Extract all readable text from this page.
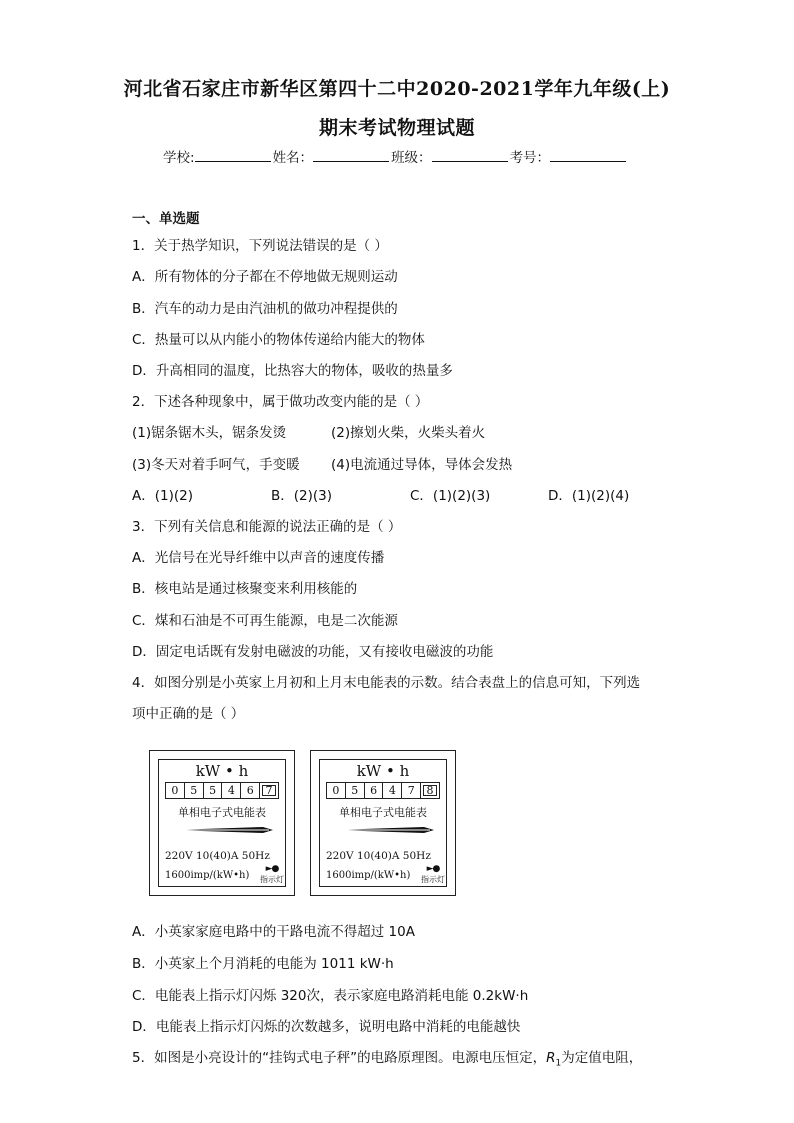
河北省石家庄市新华区第四十二中2020-2021学年九年级(上)
期末考试物理试题
学校:	姓名：	班级：	考号：
一、单选题
1．关于热学知识，下列说法错误的是（ ）
A．所有物体的分子都在不停地做无规则运动
B．汽车的动力是由汽油机的做功冲程提供的
C．热量可以从内能小的物体传递给内能大的物体
D．升高相同的温度，比热容大的物体，吸收的热量多
2．下述各种现象中，属于做功改变内能的是（ ）
(1)锯条锯木头，锯条发烫	(2)擦划火柴，火柴头着火
(3)冬天对着手呵气，手变暖 (4)电流通过导体，导体会发热
A．(1)(2)	B．(2)(3)	C．(1)(2)(3)	D．(1)(2)(4)
3．下列有关信息和能源的说法正确的是（ ）
A．光信号在光导纤维中以声音的速度传播
B．核电站是通过核聚变来利用核能的
C．煤和石油是不可再生能源，电是二次能源
D．固定电话既有发射电磁波的功能，又有接收电磁波的功能
4．如图分别是小英家上月初和上月末电能表的示数。结合表盘上的信息可知，下列选
项中正确的是（ ）
kW • h
0	5	5	4	6	7
单相电子式电能表
220V 10(40)A 50Hz
1600imp/(kW•h)
►●
指示灯
kW • h
0	5	6	4	7	8
单相电子式电能表
220V 10(40)A 50Hz
1600imp/(kW•h)
►●
指示灯
A．小英家家庭电路中的干路电流不得超过 10A
B．小英家上个月消耗的电能为 1011 kW·h
C．电能表上指示灯闪烁 320次，表示家庭电路消耗电能 0.2kW·h
D．电能表上指示灯闪烁的次数越多，说明电路中消耗的电能越快
5．如图是小亮设计的“挂钩式电子秤”的电路原理图。电源电压恒定，$R_1$为定值电阻，
